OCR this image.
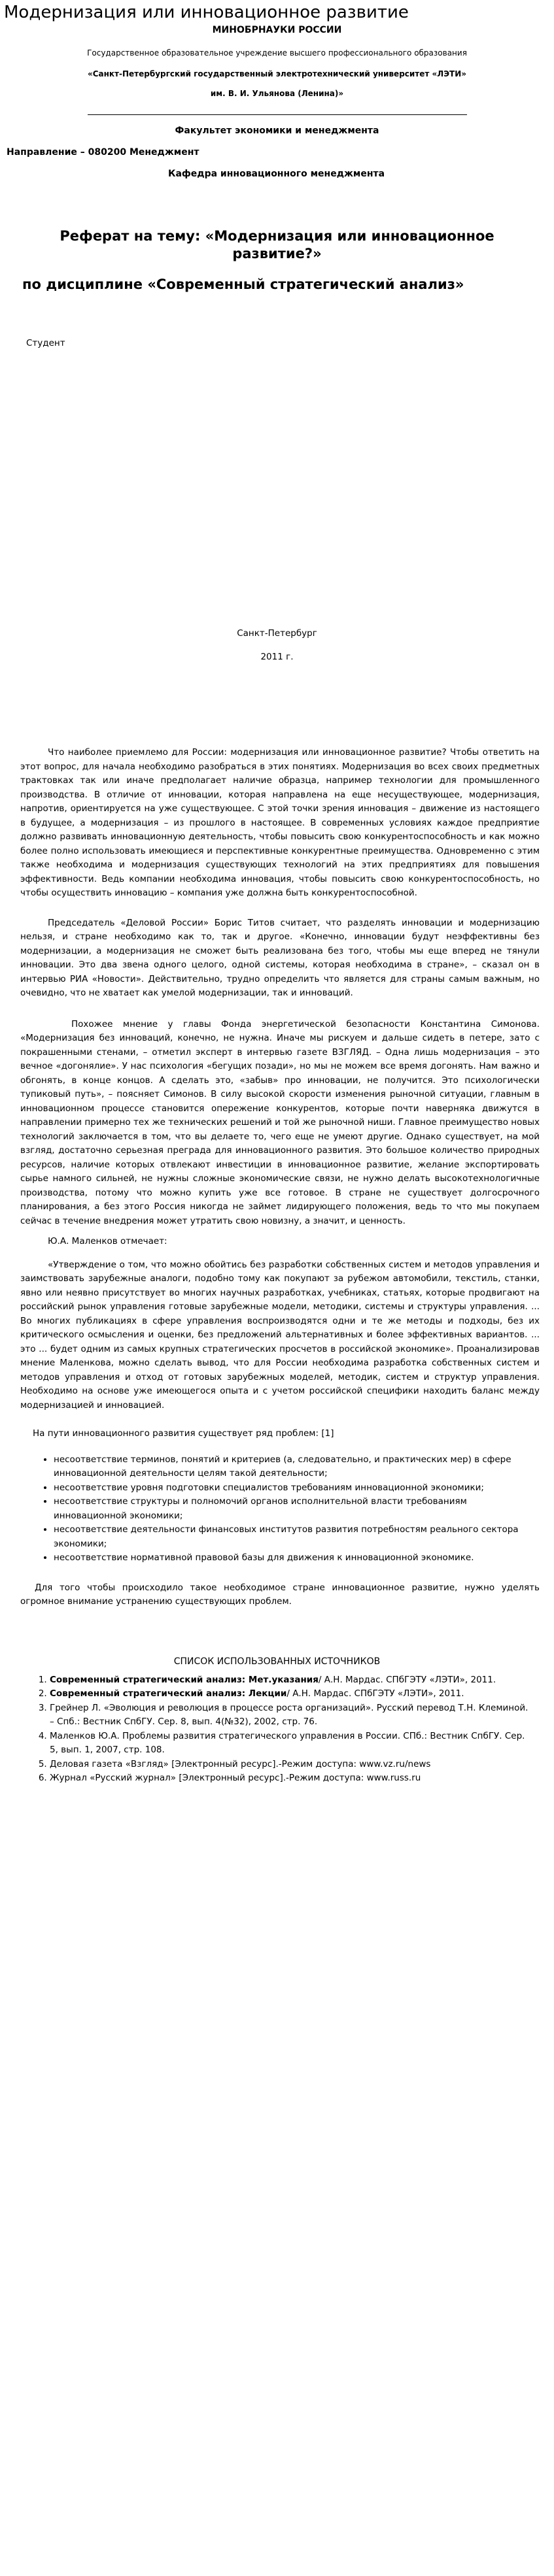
Модернизация или инновационное развитие
МИНОБРНАУКИ РОССИИ
Государственное образовательное учреждение высшего профессионального образования
«Санкт-Петербургский государственный электротехнический университет «ЛЭТИ»
им. В. И. Ульянова (Ленина)»
Факультет экономики и менеджмента
Направление – 080200 Менеджмент
Кафедра инновационного менеджмента
Реферат на тему: «Модернизация или инновационное
развитие?»
по дисциплине «Современный стратегический анализ»
Студент
Санкт-Петербург
2011 г.

Что наиболее приемлемо для России: модернизация или инновационное развитие? Чтобы ответить на этот вопрос, для начала необходимо разобраться в этих понятиях. Модернизация во всех своих предметных трактовках так или иначе предполагает наличие образца, например технологии для промышленного производства. В отличие от инновации, которая направлена на еще несуществующее, модернизация, напротив, ориентируется на уже существующее. С этой точки зрения инновация – движение из настоящего в будущее, а модернизация – из прошлого в настоящее. В современных условиях каждое предприятие должно развивать инновационную деятельность, чтобы повысить свою конкурентоспособность и как можно более полно использовать имеющиеся и перспективные конкурентные преимущества. Одновременно с этим также необходима и модернизация существующих технологий на этих предприятиях для повышения эффективности. Ведь компании необходима инновация, чтобы повысить свою конкурентоспособность, но чтобы осуществить инновацию – компания уже должна быть конкурентоспособной.

Председатель «Деловой России» Борис Титов считает, что разделять инновации и модернизацию нельзя, и стране необходимо как то, так и другое. «Конечно, инновации будут неэффективны без модернизации, а модернизация не сможет быть реализована без того, чтобы мы еще вперед не тянули инновации. Это два звена одного целого, одной системы, которая необходима в стране», – сказал он в интервью РИА «Новости». Действительно, трудно определить что является для страны самым важным, но очевидно, что не хватает как умелой модернизации, так и инноваций.

Похожее мнение у главы Фонда энергетической безопасности Константина Симонова. «Модернизация без инноваций, конечно, не нужна. Иначе мы рискуем и дальше сидеть в петере, зато с покрашенными стенами, – отметил эксперт в интервью газете ВЗГЛЯД. – Одна лишь модернизация – это вечное «догонялие». У нас психология «бегущих позади», но мы не можем все время догонять. Нам важно и обгонять, в конце концов. А сделать это, «забыв» про инновации, не получится. Это психологически тупиковый путь», – поясняет Симонов. В силу высокой скорости изменения рыночной ситуации, главным в инновационном процессе становится опережение конкурентов, которые почти наверняка движутся в направлении примерно тех же технических решений и той же рыночной ниши. Главное преимущество новых технологий заключается в том, что вы делаете то, чего еще не умеют другие. Однако существует, на мой взгляд, достаточно серьезная преграда для инновационного развития. Это большое количество природных ресурсов, наличие которых отвлекают инвестиции в инновационное развитие, желание экспортировать сырье намного сильней, не нужны сложные экономические связи, не нужно делать высокотехнологичные производства, потому что можно купить уже все готовое. В стране не существует долгосрочного планирования, а без этого Россия никогда не займет лидирующего положения, ведь то что мы покупаем сейчас в течение внедрения может утратить свою новизну, а значит, и ценность.

Ю.А. Маленков отмечает:

«Утверждение о том, что можно обойтись без разработки собственных систем и методов управления и заимствовать зарубежные аналоги, подобно тому как покупают за рубежом автомобили, текстиль, станки, явно или неявно присутствует во многих научных разработках, учебниках, статьях, которые продвигают на российский рынок управления готовые зарубежные модели, методики, системы и структуры управления. ... Во многих публикациях в сфере управления воспроизводятся одни и те же методы и подходы, без их критического осмысления и оценки, без предложений альтернативных и более эффективных вариантов. ... это ... будет одним из самых крупных стратегических просчетов в российской экономике». Проанализировав мнение Маленкова, можно сделать вывод, что для России необходима разработка собственных систем и методов управления и отход от готовых зарубежных моделей, методик, систем и структур управления. Необходимо на основе уже имеющегося опыта и с учетом российской специфики находить баланс между модернизацией и инновацией.

На пути инновационного развития существует ряд проблем: [1]

• несоответствие терминов, понятий и критериев (а, следовательно, и практических мер) в сфере инновационной деятельности целям такой деятельности;
• несоответствие уровня подготовки специалистов требованиям инновационной экономики;
• несоответствие структуры и полномочий органов исполнительной власти требованиям инновационной экономики;
• несоответствие деятельности финансовых институтов развития потребностям реального сектора экономики;
• несоответствие нормативной правовой базы для движения к инновационной экономике.

Для того чтобы происходило такое необходимое стране инновационное развитие, нужно уделять огромное внимание устранению существующих проблем.

СПИСОК ИСПОЛЬЗОВАННЫХ ИСТОЧНИКОВ
1. Современный стратегический анализ: Мет.указания/ А.Н. Мардас. СПбГЭТУ «ЛЭТИ», 2011.
2. Современный стратегический анализ: Лекции/ А.Н. Мардас. СПбГЭТУ «ЛЭТИ», 2011.
3. Грейнер Л. «Эволюция и революция в процессе роста организаций». Русский перевод Т.Н. Клеминой. – Спб.: Вестник СпбГУ. Сер. 8, вып. 4(№32), 2002, стр. 76.
4. Маленков Ю.А. Проблемы развития стратегического управления в России. СПб.: Вестник СпбГУ. Сер. 5, вып. 1, 2007, стр. 108.
5. Деловая газета «Взгляд» [Электронный ресурс].-Режим доступа: www.vz.ru/news
6. Журнал «Русский журнал» [Электронный ресурс].-Режим доступа: www.russ.ru
